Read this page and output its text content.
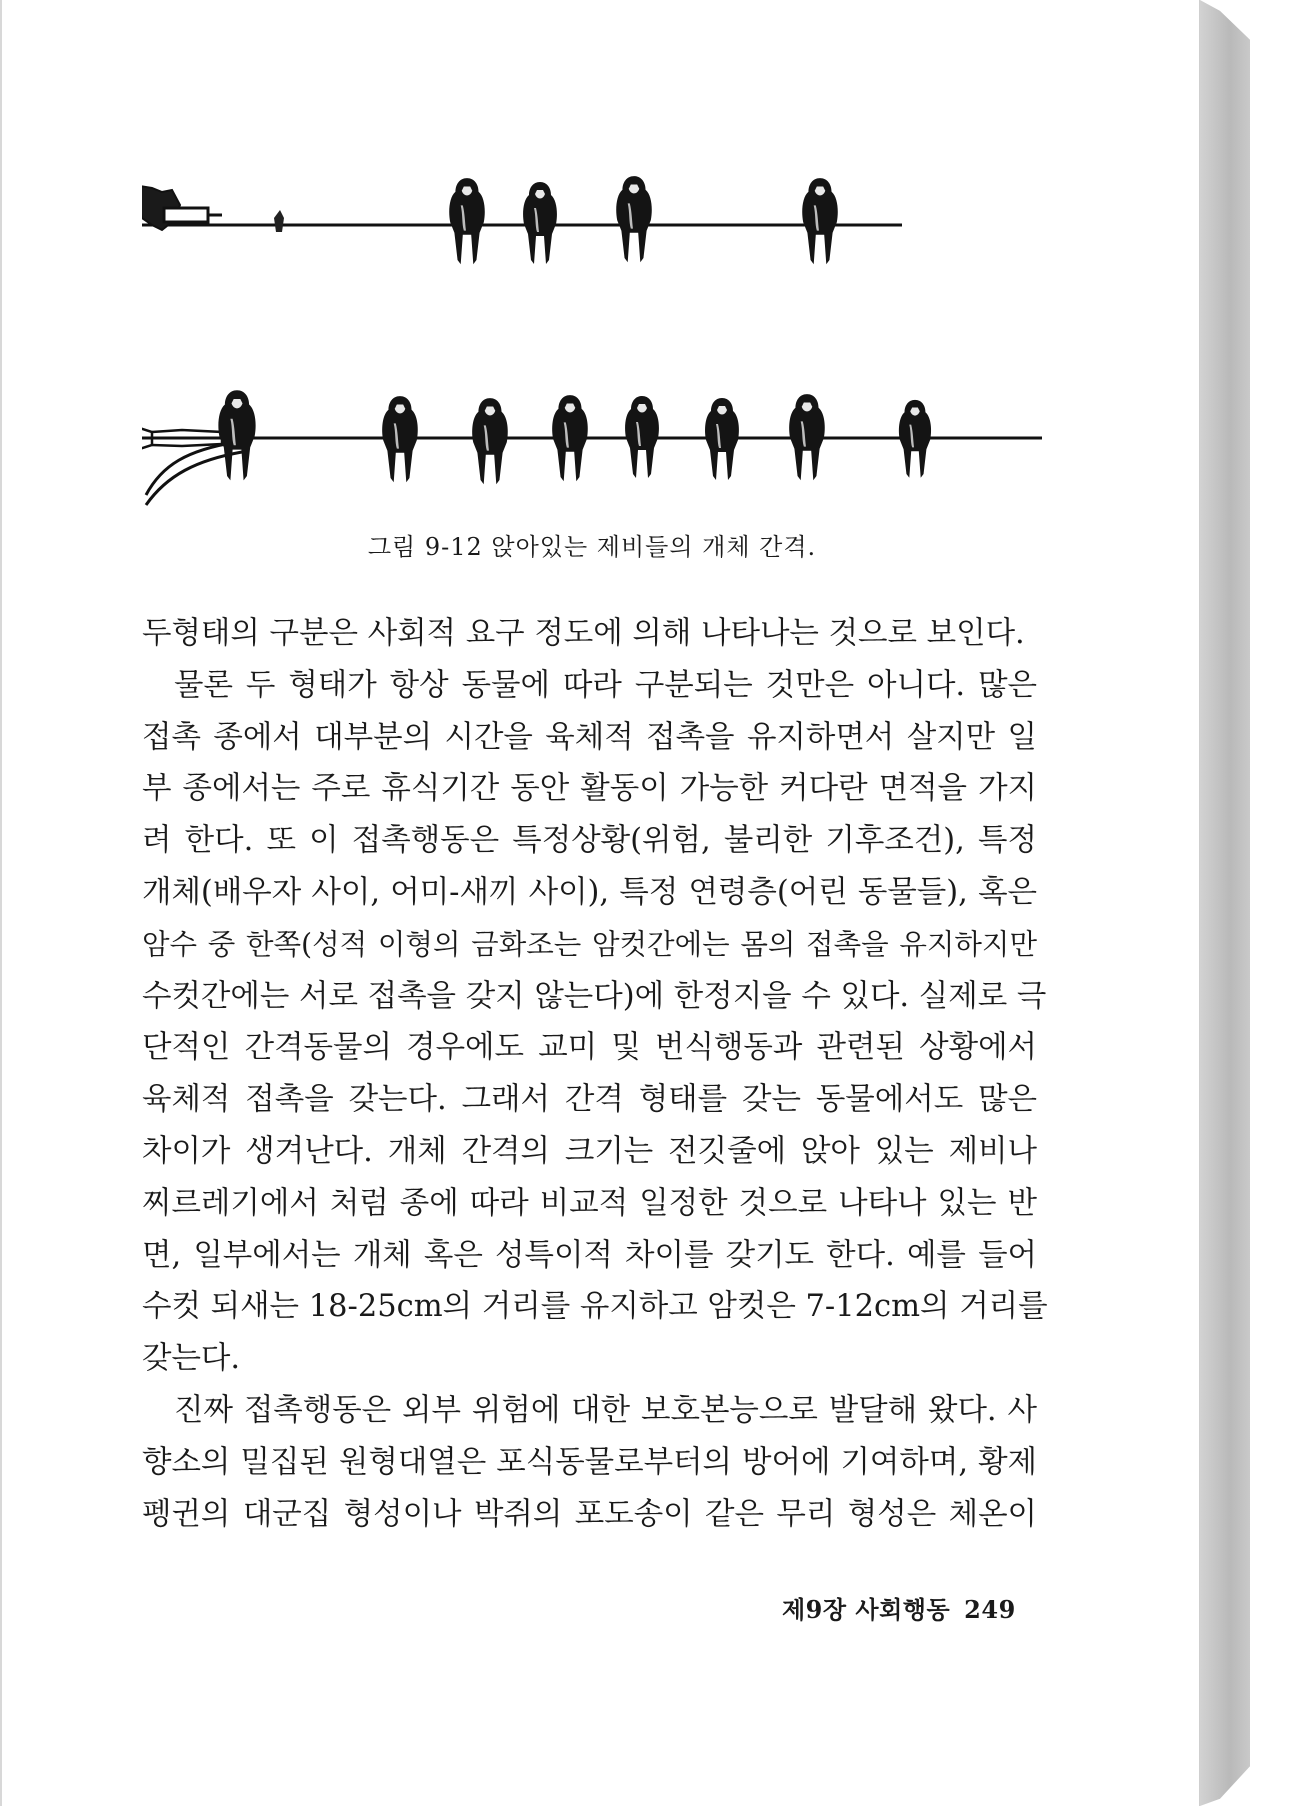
그림 9-12 앉아있는 제비들의 개체 간격.
두형태의 구분은 사회적 요구 정도에 의해 나타나는 것으로 보인다.
물론 두 형태가 항상 동물에 따라 구분되는 것만은 아니다. 많은
접촉 종에서 대부분의 시간을 육체적 접촉을 유지하면서 살지만 일
부 종에서는 주로 휴식기간 동안 활동이 가능한 커다란 면적을 가지
려 한다. 또 이 접촉행동은 특정상황(위험, 불리한 기후조건), 특정
개체(배우자 사이, 어미-새끼 사이), 특정 연령층(어린 동물들), 혹은
암수 중 한쪽(성적 이형의 금화조는 암컷간에는 몸의 접촉을 유지하지만
수컷간에는 서로 접촉을 갖지 않는다)에 한정지을 수 있다. 실제로 극
단적인 간격동물의 경우에도 교미 및 번식행동과 관련된 상황에서
육체적 접촉을 갖는다. 그래서 간격 형태를 갖는 동물에서도 많은
차이가 생겨난다. 개체 간격의 크기는 전깃줄에 앉아 있는 제비나
찌르레기에서 처럼 종에 따라 비교적 일정한 것으로 나타나 있는 반
면, 일부에서는 개체 혹은 성특이적 차이를 갖기도 한다. 예를 들어
수컷 되새는 18-25cm의 거리를 유지하고 암컷은 7-12cm의 거리를
갖는다.
진짜 접촉행동은 외부 위험에 대한 보호본능으로 발달해 왔다. 사
향소의 밀집된 원형대열은 포식동물로부터의 방어에 기여하며, 황제
펭귄의 대군집 형성이나 박쥐의 포도송이 같은 무리 형성은 체온이
제9장 사회행동 249
